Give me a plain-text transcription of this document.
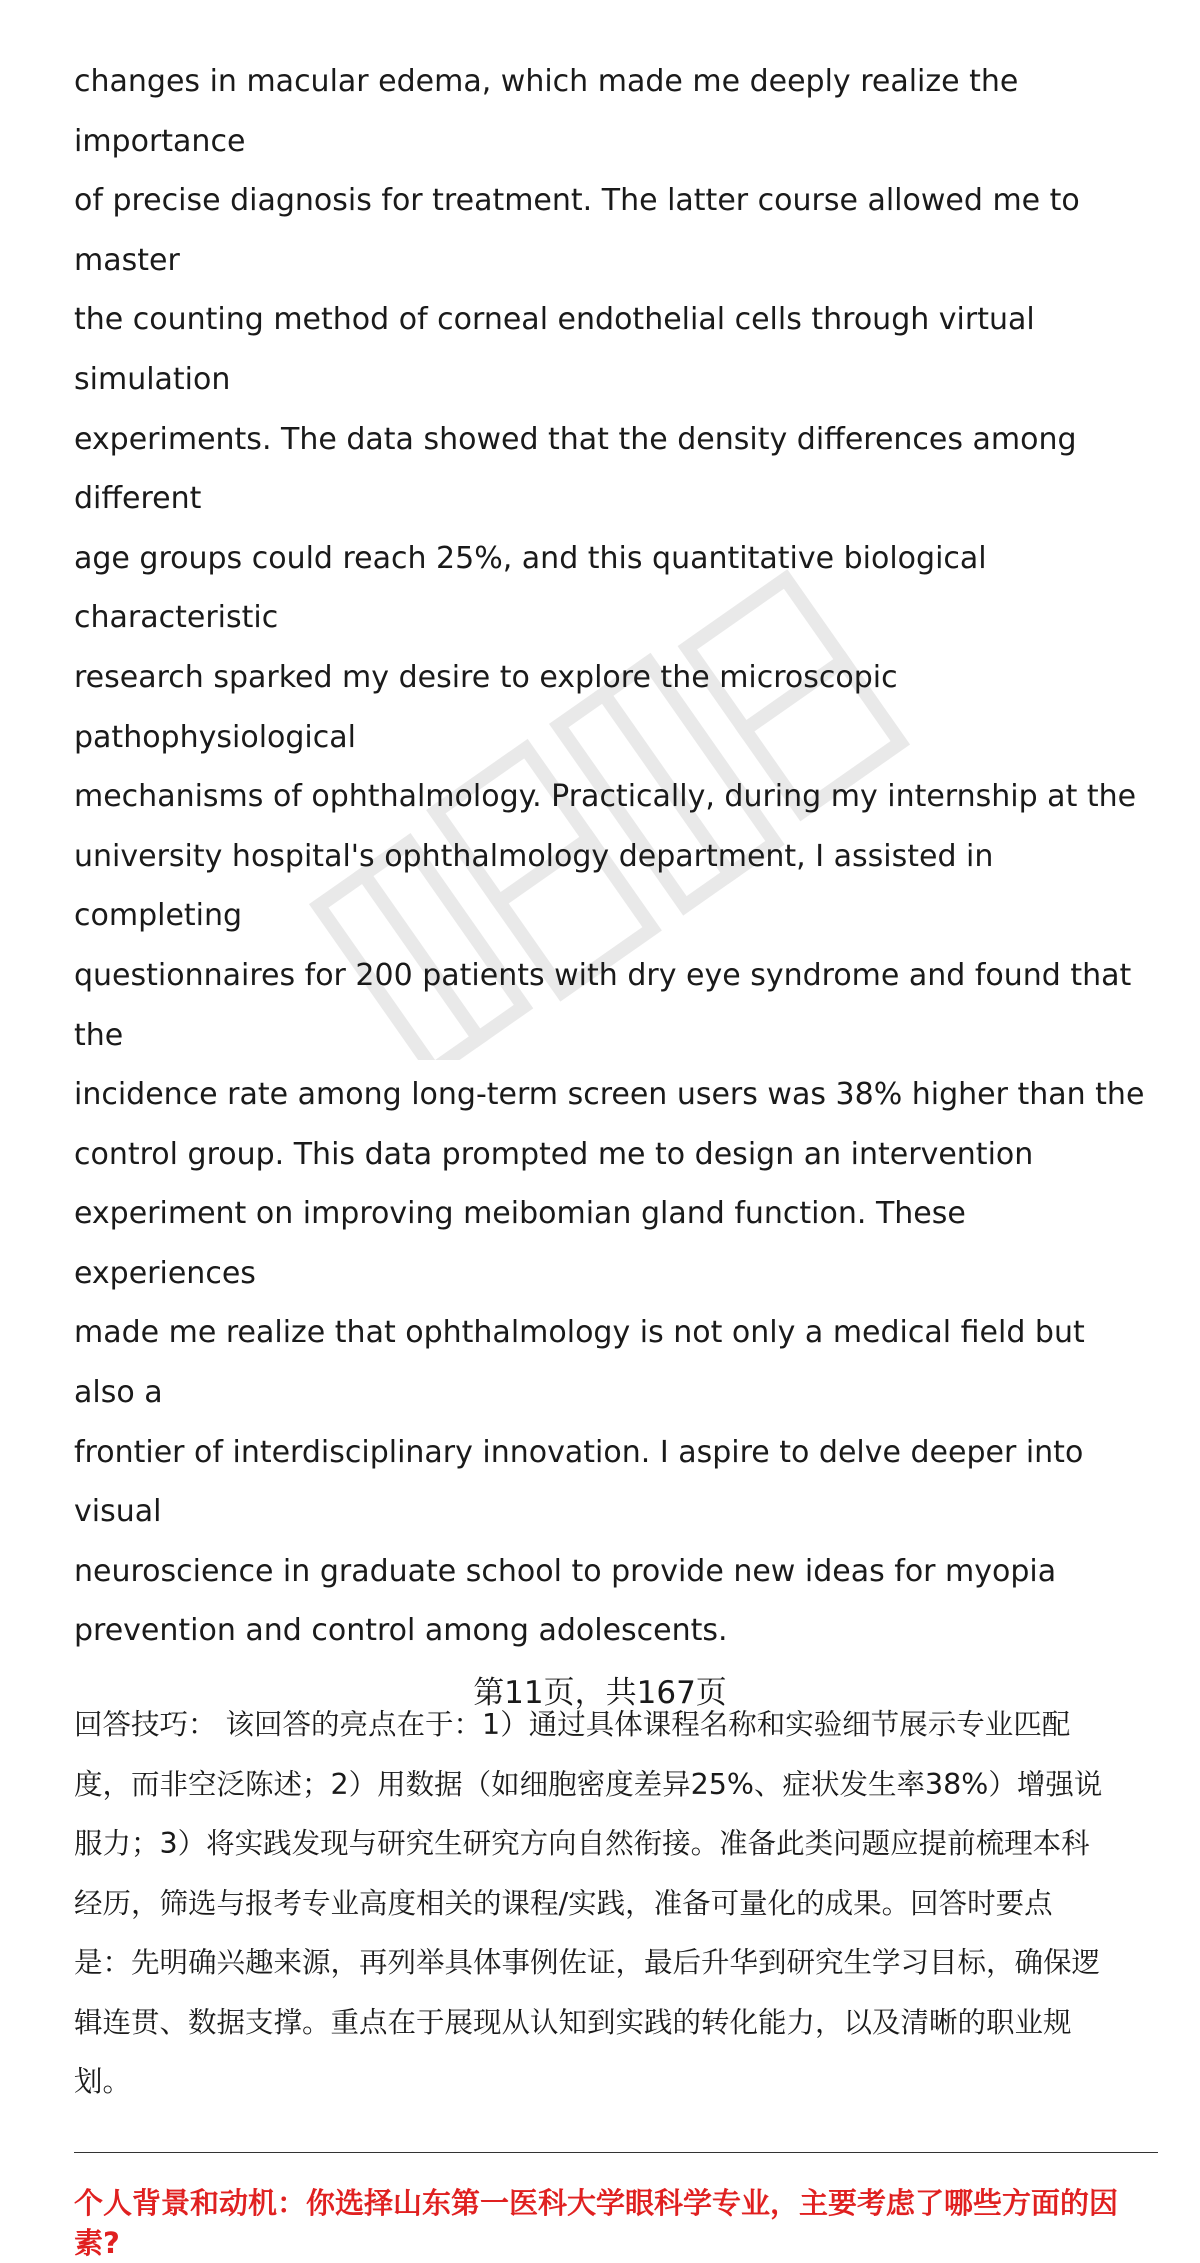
changes in macular edema, which made me deeply realize the importance
of precise diagnosis for treatment. The latter course allowed me to master
the counting method of corneal endothelial cells through virtual simulation
experiments. The data showed that the density differences among different
age groups could reach 25%, and this quantitative biological characteristic
research sparked my desire to explore the microscopic pathophysiological
mechanisms of ophthalmology. Practically, during my internship at the
university hospital's ophthalmology department, I assisted in completing
questionnaires for 200 patients with dry eye syndrome and found that the
incidence rate among long-term screen users was 38% higher than the
control group. This data prompted me to design an intervention
experiment on improving meibomian gland function. These experiences
made me realize that ophthalmology is not only a medical field but also a
frontier of interdisciplinary innovation. I aspire to delve deeper into visual
neuroscience in graduate school to provide new ideas for myopia
prevention and control among adolescents.

回答技巧： 该回答的亮点在于：1）通过具体课程名称和实验细节展示专业匹配
度，而非空泛陈述；2）用数据（如细胞密度差异25%、症状发生率38%）增强说
服力；3）将实践发现与研究生研究方向自然衔接。准备此类问题应提前梳理本科
经历，筛选与报考专业高度相关的课程/实践，准备可量化的成果。回答时要点
是：先明确兴趣来源，再列举具体事例佐证，最后升华到研究生学习目标，确保逻
辑连贯、数据支撑。重点在于展现从认知到实践的转化能力，以及清晰的职业规
划。

个人背景和动机：你选择山东第一医科大学眼科学专业，主要考虑了哪些方面的因
素?

第11页，共167页
